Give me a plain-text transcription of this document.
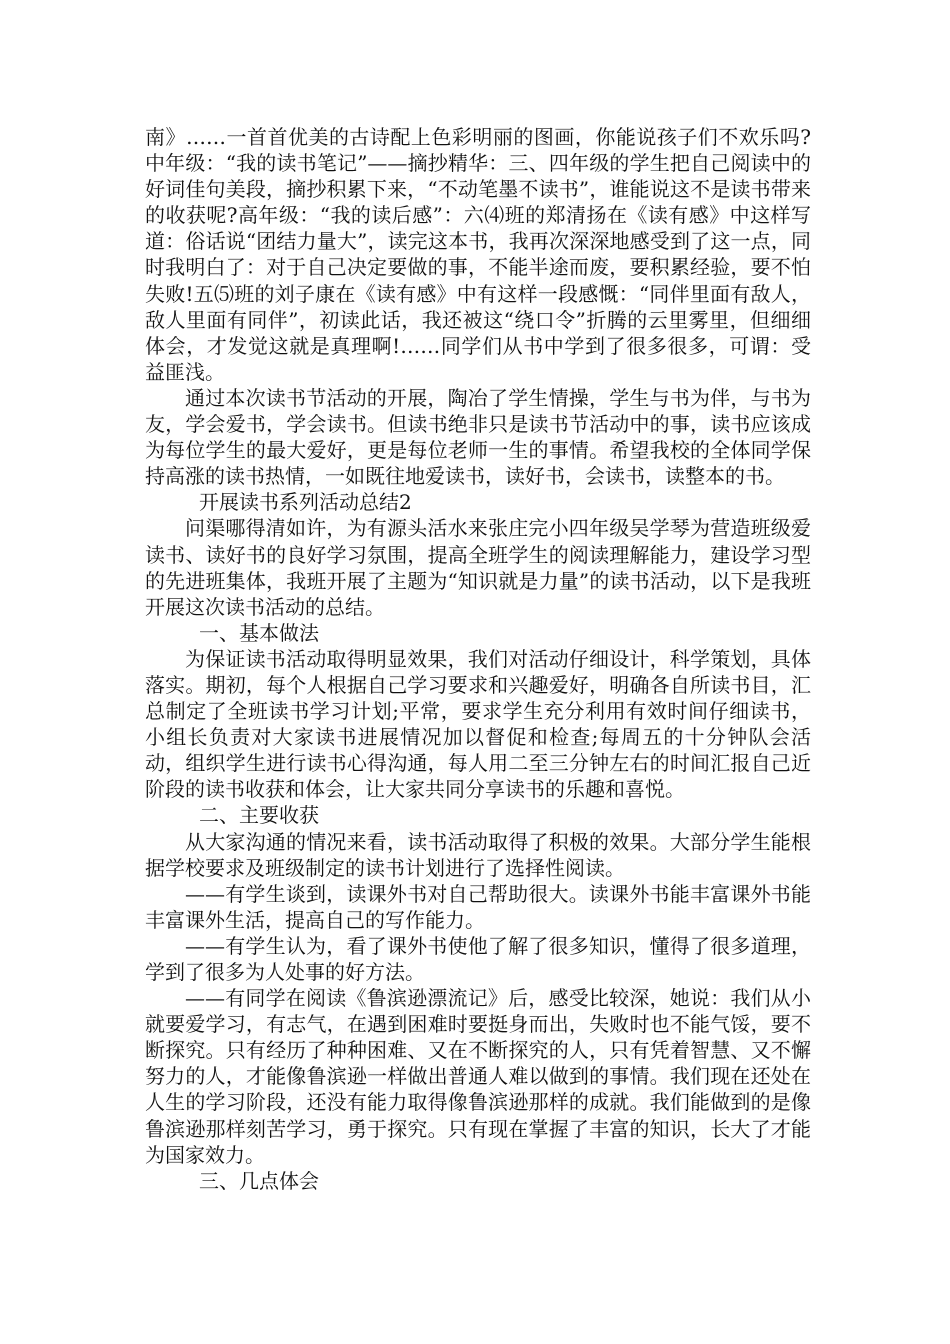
南》……一首首优美的古诗配上色彩明丽的图画，你能说孩子们不欢乐吗?中年级：“我的读书笔记”——摘抄精华：三、四年级的学生把自己阅读中的好词佳句美段，摘抄积累下来，“不动笔墨不读书”，谁能说这不是读书带来的收获呢?高年级：“我的读后感”：六⑷班的郑清扬在《读有感》中这样写道：俗话说“团结力量大”，读完这本书，我再次深深地感受到了这一点，同时我明白了：对于自己决定要做的事，不能半途而废，要积累经验，要不怕失败!五⑸班的刘子康在《读有感》中有这样一段感慨：“同伴里面有敌人，敌人里面有同伴”，初读此话，我还被这“绕口令”折腾的云里雾里，但细细体会，才发觉这就是真理啊!……同学们从书中学到了很多很多，可谓：受益匪浅。

通过本次读书节活动的开展，陶冶了学生情操，学生与书为伴，与书为友，学会爱书，学会读书。但读书绝非只是读书节活动中的事，读书应该成为每位学生的最大爱好，更是每位老师一生的事情。希望我校的全体同学保持高涨的读书热情，一如既往地爱读书，读好书，会读书，读整本的书。

开展读书系列活动总结2

问渠哪得清如许，为有源头活水来张庄完小四年级吴学琴为营造班级爱读书、读好书的良好学习氛围，提高全班学生的阅读理解能力，建设学习型的先进班集体，我班开展了主题为“知识就是力量”的读书活动，以下是我班开展这次读书活动的总结。

一、基本做法

为保证读书活动取得明显效果，我们对活动仔细设计，科学策划，具体落实。期初，每个人根据自己学习要求和兴趣爱好，明确各自所读书目，汇总制定了全班读书学习计划;平常，要求学生充分利用有效时间仔细读书，小组长负责对大家读书进展情况加以督促和检查;每周五的十分钟队会活动，组织学生进行读书心得沟通，每人用二至三分钟左右的时间汇报自己近阶段的读书收获和体会，让大家共同分享读书的乐趣和喜悦。

二、主要收获

从大家沟通的情况来看，读书活动取得了积极的效果。大部分学生能根据学校要求及班级制定的读书计划进行了选择性阅读。

——有学生谈到，读课外书对自己帮助很大。读课外书能丰富课外书能丰富课外生活，提高自己的写作能力。

——有学生认为，看了课外书使他了解了很多知识，懂得了很多道理，学到了很多为人处事的好方法。

——有同学在阅读《鲁滨逊漂流记》后，感受比较深，她说：我们从小就要爱学习，有志气，在遇到困难时要挺身而出，失败时也不能气馁，要不断探究。只有经历了种种困难、又在不断探究的人，只有凭着智慧、又不懈努力的人，才能像鲁滨逊一样做出普通人难以做到的事情。我们现在还处在人生的学习阶段，还没有能力取得像鲁滨逊那样的成就。我们能做到的是像鲁滨逊那样刻苦学习，勇于探究。只有现在掌握了丰富的知识，长大了才能为国家效力。

三、几点体会
